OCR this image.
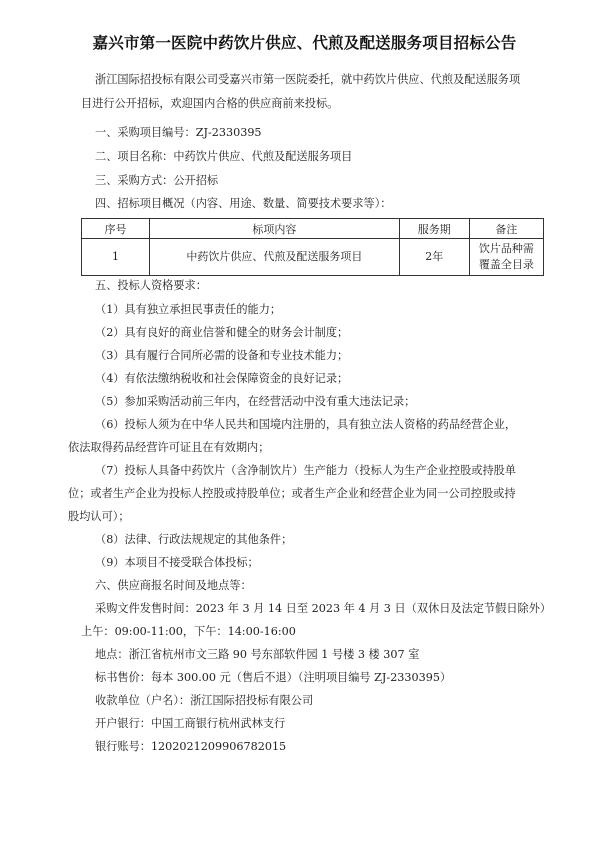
嘉兴市第一医院中药饮片供应、代煎及配送服务项目招标公告
浙江国际招投标有限公司受嘉兴市第一医院委托，就中药饮片供应、代煎及配送服务项
目进行公开招标，欢迎国内合格的供应商前来投标。
一、采购项目编号：ZJ-2330395
二、项目名称：中药饮片供应、代煎及配送服务项目
三、采购方式：公开招标
四、招标项目概况（内容、用途、数量、简要技术要求等）：
序号	标项内容	服务期	备注
1	中药饮片供应、代煎及配送服务项目	2年	饮片品种需
覆盖全目录
五、投标人资格要求：
（1）具有独立承担民事责任的能力；
（2）具有良好的商业信誉和健全的财务会计制度；
（3）具有履行合同所必需的设备和专业技术能力；
（4）有依法缴纳税收和社会保障资金的良好记录；
（5）参加采购活动前三年内，在经营活动中没有重大违法记录；
（6）投标人须为在中华人民共和国境内注册的，具有独立法人资格的药品经营企业，
依法取得药品经营许可证且在有效期内；
（7）投标人具备中药饮片（含净制饮片）生产能力（投标人为生产企业控股或持股单
位；或者生产企业为投标人控股或持股单位；或者生产企业和经营企业为同一公司控股或持
股均认可）；
（8）法律、行政法规规定的其他条件；
（9）本项目不接受联合体投标；
六、供应商报名时间及地点等：
采购文件发售时间：2023 年 3 月 14 日至 2023 年 4 月 3 日（双休日及法定节假日除外）
上午：09:00-11:00，下午：14:00-16:00
地点：浙江省杭州市文三路 90 号东部软件园 1 号楼 3 楼 307 室
标书售价：每本 300.00 元（售后不退）（注明项目编号 ZJ-2330395）
收款单位（户名）：浙江国际招投标有限公司
开户银行：中国工商银行杭州武林支行
银行账号：1202021209906782015
